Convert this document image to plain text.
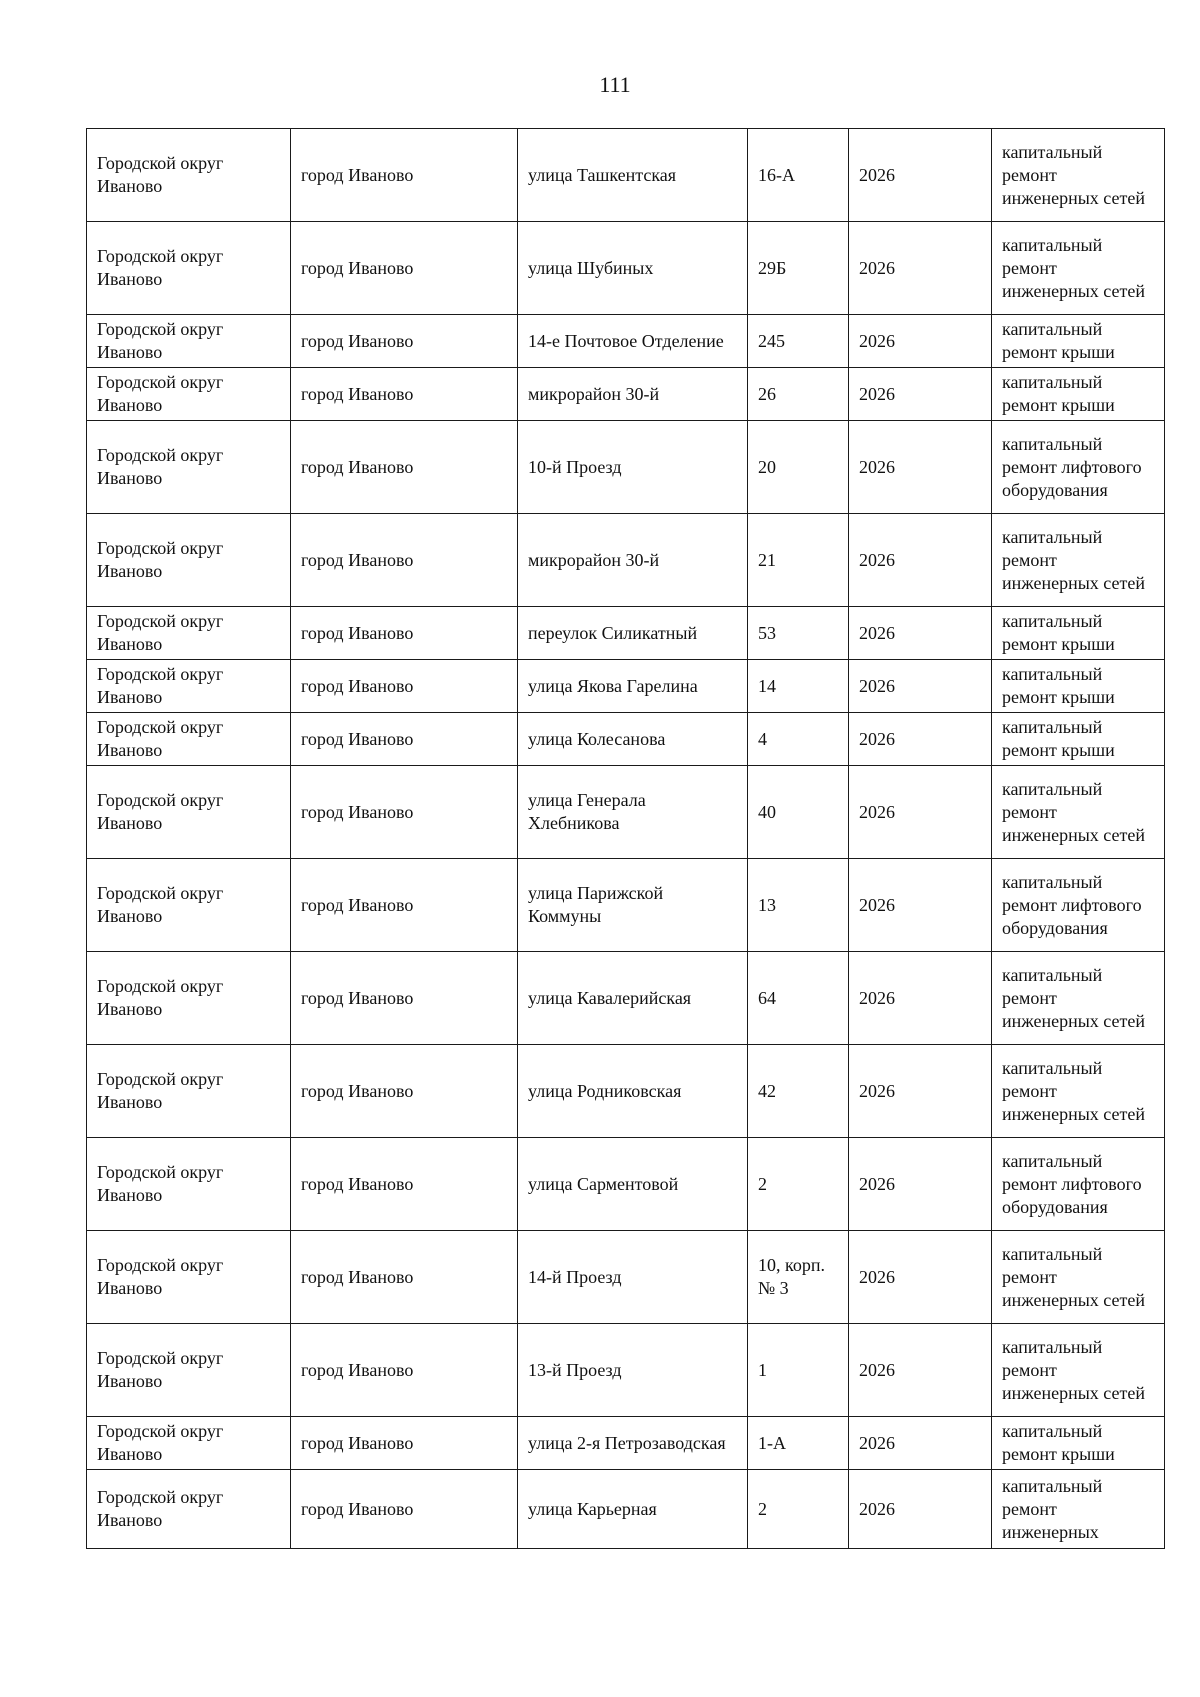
111
Городской округ Иваново	город Иваново	улица Ташкентская	16-А	2026	капитальный ремонт инженерных сетей
Городской округ Иваново	город Иваново	улица Шубиных	29Б	2026	капитальный ремонт инженерных сетей
Городской округ Иваново	город Иваново	14-е Почтовое Отделение	245	2026	капитальный ремонт крыши
Городской округ Иваново	город Иваново	микрорайон 30-й	26	2026	капитальный ремонт крыши
Городской округ Иваново	город Иваново	10-й Проезд	20	2026	капитальный ремонт лифтового оборудования
Городской округ Иваново	город Иваново	микрорайон 30-й	21	2026	капитальный ремонт инженерных сетей
Городской округ Иваново	город Иваново	переулок Силикатный	53	2026	капитальный ремонт крыши
Городской округ Иваново	город Иваново	улица Якова Гарелина	14	2026	капитальный ремонт крыши
Городской округ Иваново	город Иваново	улица Колесанова	4	2026	капитальный ремонт крыши
Городской округ Иваново	город Иваново	улица Генерала Хлебникова	40	2026	капитальный ремонт инженерных сетей
Городской округ Иваново	город Иваново	улица Парижской Коммуны	13	2026	капитальный ремонт лифтового оборудования
Городской округ Иваново	город Иваново	улица Кавалерийская	64	2026	капитальный ремонт инженерных сетей
Городской округ Иваново	город Иваново	улица Родниковская	42	2026	капитальный ремонт инженерных сетей
Городской округ Иваново	город Иваново	улица Сарментовой	2	2026	капитальный ремонт лифтового оборудования
Городской округ Иваново	город Иваново	14-й Проезд	10, корп. № 3	2026	капитальный ремонт инженерных сетей
Городской округ Иваново	город Иваново	13-й Проезд	1	2026	капитальный ремонт инженерных сетей
Городской округ Иваново	город Иваново	улица 2-я Петрозаводская	1-А	2026	капитальный ремонт крыши
Городской округ Иваново	город Иваново	улица Карьерная	2	2026	капитальный ремонт инженерных
